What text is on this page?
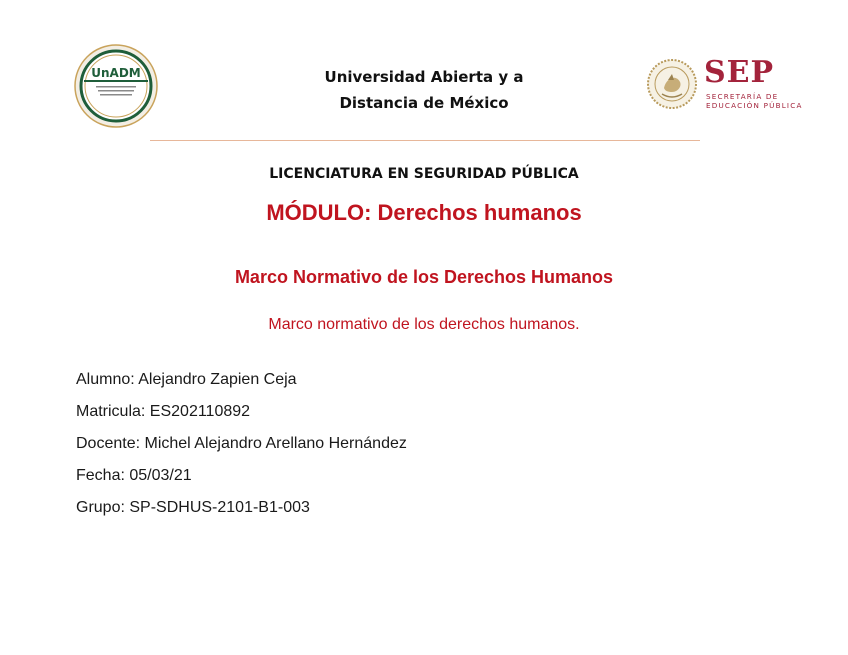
UnADM	Universidad Abierta y a
Distancia de México
SEP
SECRETARÍA DE
EDUCACIÓN PÚBLICA
LICENCIATURA EN SEGURIDAD PÚBLICA
MÓDULO: Derechos humanos
Marco Normativo de los Derechos Humanos
Marco normativo de los derechos humanos.
Alumno: Alejandro Zapien Ceja
Matricula: ES202110892
Docente: Michel Alejandro Arellano Hernández
Fecha: 05/03/21
Grupo: SP-SDHUS-2101-B1-003
